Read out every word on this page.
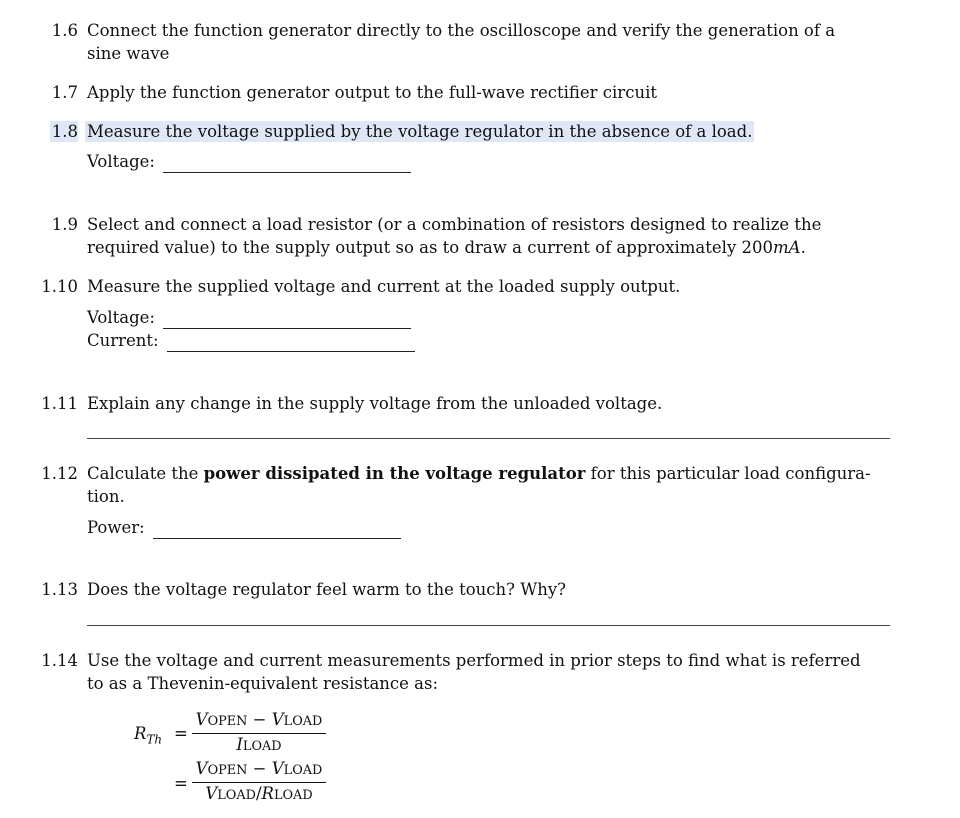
1.6 Connect the function generator directly to the oscilloscope and verify the generation of a sine wave
1.7 Apply the function generator output to the full-wave rectifier circuit
1.8 Measure the voltage supplied by the voltage regulator in the absence of a load.
Voltage:
1.9 Select and connect a load resistor (or a combination of resistors designed to realize the required value) to the supply output so as to draw a current of approximately 200mA.
1.10 Measure the supplied voltage and current at the loaded supply output.
Voltage:
Current:
1.11 Explain any change in the supply voltage from the unloaded voltage.
1.12 Calculate the power dissipated in the voltage regulator for this particular load configura-
tion.
Power:
1.13 Does the voltage regulator feel warm to the touch? Why?
1.14 Use the voltage and current measurements performed in prior steps to find what is referred to as a Thevenin-equivalent resistance as:
$R_{Th}$ =
VOPEN − VLOAD
ILOAD
=
VOPEN − VLOAD
VLOAD/RLOAD
